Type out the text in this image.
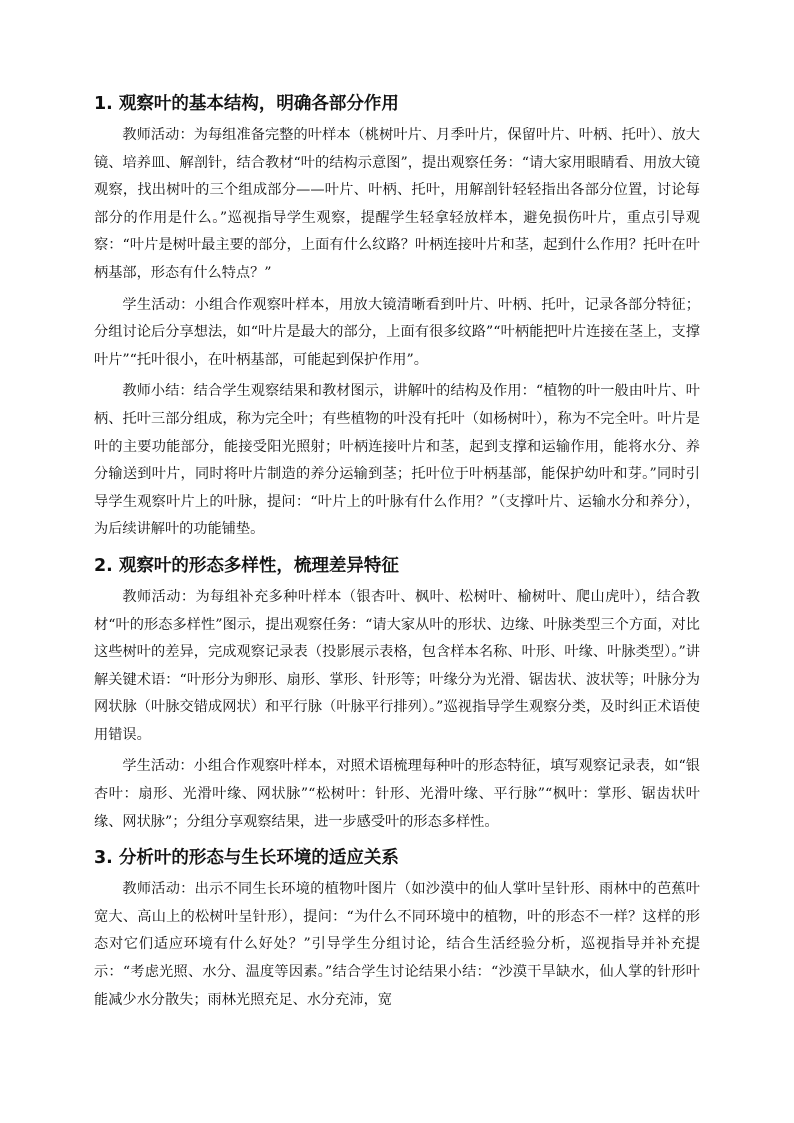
1. 观察叶的基本结构，明确各部分作用

教师活动：为每组准备完整的叶样本（桃树叶片、月季叶片，保留叶片、叶柄、托叶）、放大镜、培养皿、解剖针，结合教材“叶的结构示意图”，提出观察任务：“请大家用眼睛看、用放大镜观察，找出树叶的三个组成部分——叶片、叶柄、托叶，用解剖针轻轻指出各部分位置，讨论每部分的作用是什么。”巡视指导学生观察，提醒学生轻拿轻放样本，避免损伤叶片，重点引导观察：“叶片是树叶最主要的部分，上面有什么纹路？叶柄连接叶片和茎，起到什么作用？托叶在叶柄基部，形态有什么特点？”

学生活动：小组合作观察叶样本，用放大镜清晰看到叶片、叶柄、托叶，记录各部分特征；分组讨论后分享想法，如“叶片是最大的部分，上面有很多纹路”“叶柄能把叶片连接在茎上，支撑叶片”“托叶很小，在叶柄基部，可能起到保护作用”。

教师小结：结合学生观察结果和教材图示，讲解叶的结构及作用：“植物的叶一般由叶片、叶柄、托叶三部分组成，称为完全叶；有些植物的叶没有托叶（如杨树叶），称为不完全叶。叶片是叶的主要功能部分，能接受阳光照射；叶柄连接叶片和茎，起到支撑和运输作用，能将水分、养分输送到叶片，同时将叶片制造的养分运输到茎；托叶位于叶柄基部，能保护幼叶和芽。”同时引导学生观察叶片上的叶脉，提问：“叶片上的叶脉有什么作用？”（支撑叶片、运输水分和养分），为后续讲解叶的功能铺垫。

2. 观察叶的形态多样性，梳理差异特征

教师活动：为每组补充多种叶样本（银杏叶、枫叶、松树叶、榆树叶、爬山虎叶），结合教材“叶的形态多样性”图示，提出观察任务：“请大家从叶的形状、边缘、叶脉类型三个方面，对比这些树叶的差异，完成观察记录表（投影展示表格，包含样本名称、叶形、叶缘、叶脉类型）。”讲解关键术语：“叶形分为卵形、扇形、掌形、针形等；叶缘分为光滑、锯齿状、波状等；叶脉分为网状脉（叶脉交错成网状）和平行脉（叶脉平行排列）。”巡视指导学生观察分类，及时纠正术语使用错误。

学生活动：小组合作观察叶样本，对照术语梳理每种叶的形态特征，填写观察记录表，如“银杏叶：扇形、光滑叶缘、网状脉”“松树叶：针形、光滑叶缘、平行脉”“枫叶：掌形、锯齿状叶缘、网状脉”；分组分享观察结果，进一步感受叶的形态多样性。

3. 分析叶的形态与生长环境的适应关系

教师活动：出示不同生长环境的植物叶图片（如沙漠中的仙人掌叶呈针形、雨林中的芭蕉叶宽大、高山上的松树叶呈针形），提问：“为什么不同环境中的植物，叶的形态不一样？这样的形态对它们适应环境有什么好处？”引导学生分组讨论，结合生活经验分析，巡视指导并补充提示：“考虑光照、水分、温度等因素。”结合学生讨论结果小结：“沙漠干旱缺水，仙人掌的针形叶能减少水分散失；雨林光照充足、水分充沛，宽
